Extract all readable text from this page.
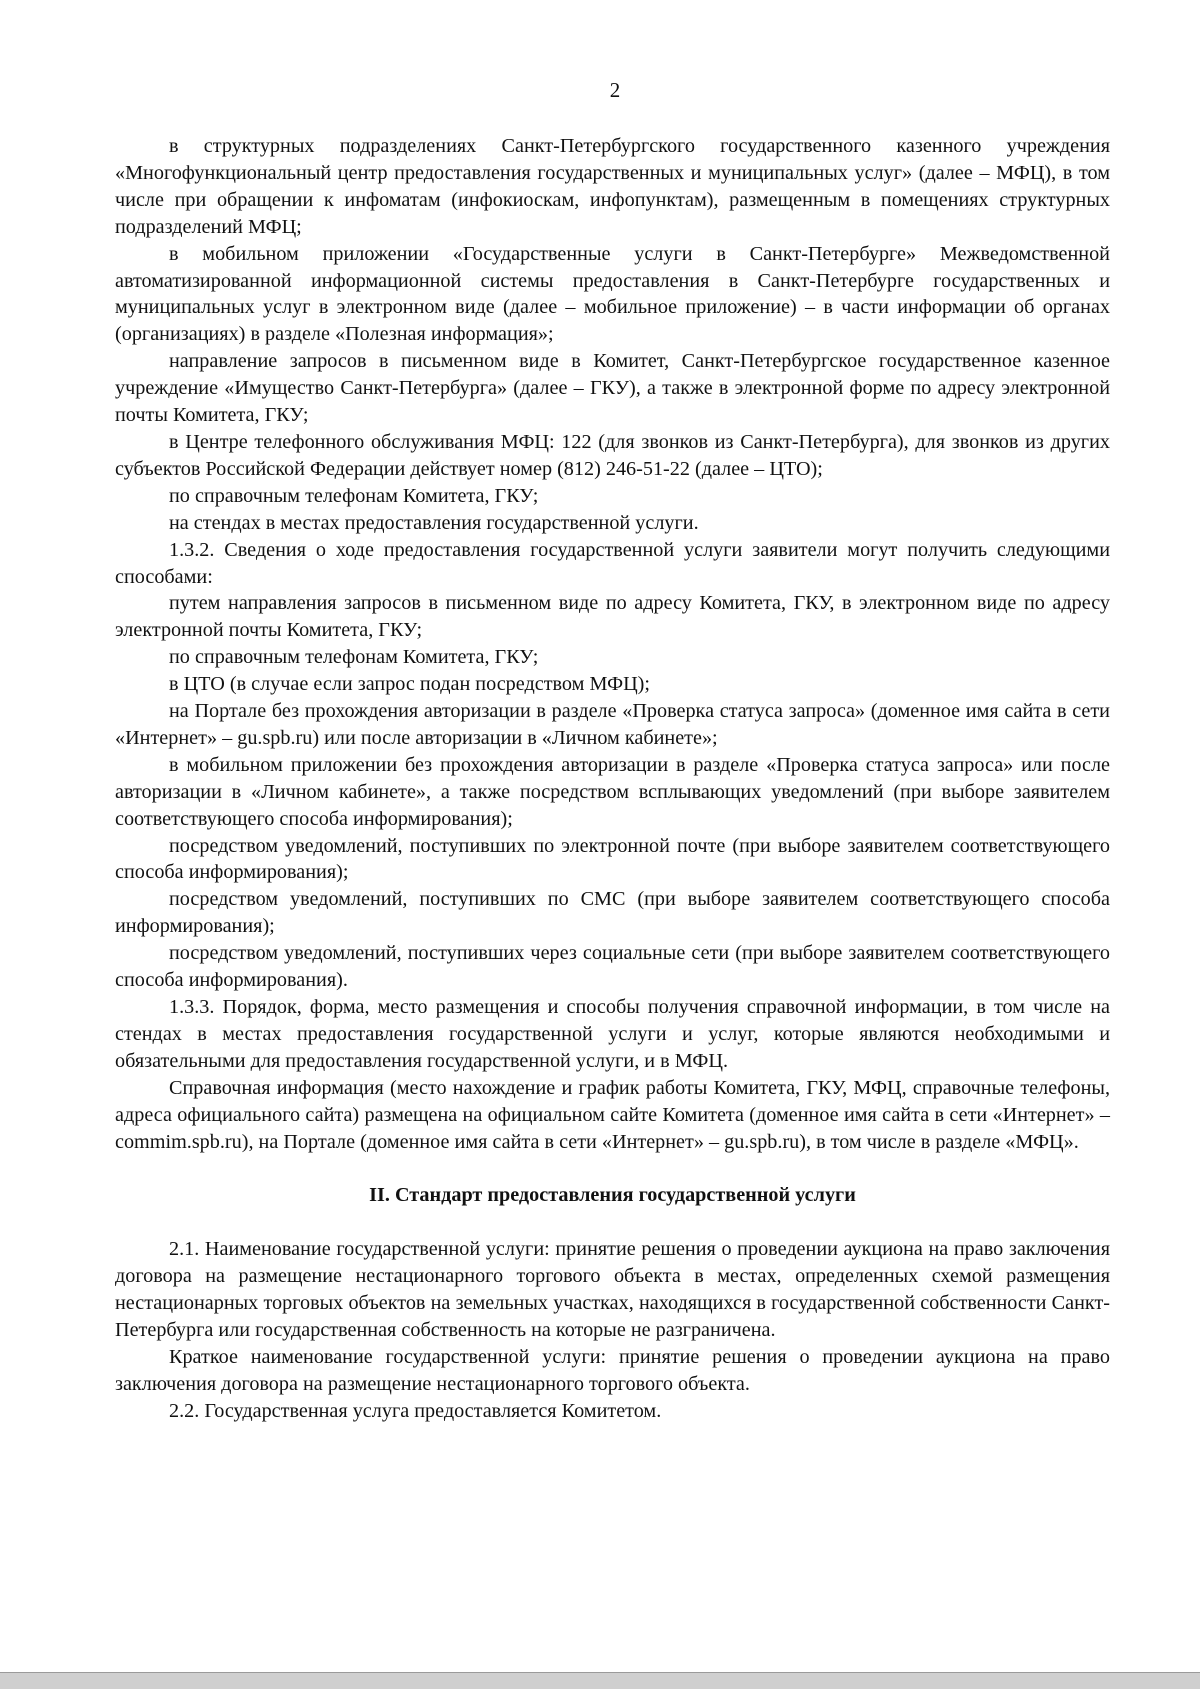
2

в структурных подразделениях Санкт-Петербургского государственного казенного учреждения «Многофункциональный центр предоставления государственных и муниципальных услуг» (далее – МФЦ), в том числе при обращении к инфоматам (инфокиоскам, инфопунктам), размещенным в помещениях структурных подразделений МФЦ;

в мобильном приложении «Государственные услуги в Санкт-Петербурге» Межведомственной автоматизированной информационной системы предоставления в Санкт-Петербурге государственных и муниципальных услуг в электронном виде (далее – мобильное приложение) – в части информации об органах (организациях) в разделе «Полезная информация»;

направление запросов в письменном виде в Комитет, Санкт-Петербургское государственное казенное учреждение «Имущество Санкт-Петербурга» (далее – ГКУ), а также в электронной форме по адресу электронной почты Комитета, ГКУ;

в Центре телефонного обслуживания МФЦ: 122 (для звонков из Санкт-Петербурга), для звонков из других субъектов Российской Федерации действует номер (812) 246-51-22 (далее – ЦТО);

по справочным телефонам Комитета, ГКУ;

на стендах в местах предоставления государственной услуги.

1.3.2. Сведения о ходе предоставления государственной услуги заявители могут получить следующими способами:

путем направления запросов в письменном виде по адресу Комитета, ГКУ, в электронном виде по адресу электронной почты Комитета, ГКУ;

по справочным телефонам Комитета, ГКУ;

в ЦТО (в случае если запрос подан посредством МФЦ);

на Портале без прохождения авторизации в разделе «Проверка статуса запроса» (доменное имя сайта в сети «Интернет» – gu.spb.ru) или после авторизации в «Личном кабинете»;

в мобильном приложении без прохождения авторизации в разделе «Проверка статуса запроса» или после авторизации в «Личном кабинете», а также посредством всплывающих уведомлений (при выборе заявителем соответствующего способа информирования);

посредством уведомлений, поступивших по электронной почте (при выборе заявителем соответствующего способа информирования);

посредством уведомлений, поступивших по СМС (при выборе заявителем соответствующего способа информирования);

посредством уведомлений, поступивших через социальные сети (при выборе заявителем соответствующего способа информирования).

1.3.3. Порядок, форма, место размещения и способы получения справочной информации, в том числе на стендах в местах предоставления государственной услуги и услуг, которые являются необходимыми и обязательными для предоставления государственной услуги, и в МФЦ.

Справочная информация (место нахождение и график работы Комитета, ГКУ, МФЦ, справочные телефоны, адреса официального сайта) размещена на официальном сайте Комитета (доменное имя сайта в сети «Интернет» – commim.spb.ru), на Портале (доменное имя сайта в сети «Интернет» – gu.spb.ru), в том числе в разделе «МФЦ».

II. Стандарт предоставления государственной услуги

2.1. Наименование государственной услуги: принятие решения о проведении аукциона на право заключения договора на размещение нестационарного торгового объекта в местах, определенных схемой размещения нестационарных торговых объектов на земельных участках, находящихся в государственной собственности Санкт-Петербурга или государственная собственность на которые не разграничена.

Краткое наименование государственной услуги: принятие решения о проведении аукциона на право заключения договора на размещение нестационарного торгового объекта.

2.2. Государственная услуга предоставляется Комитетом.
